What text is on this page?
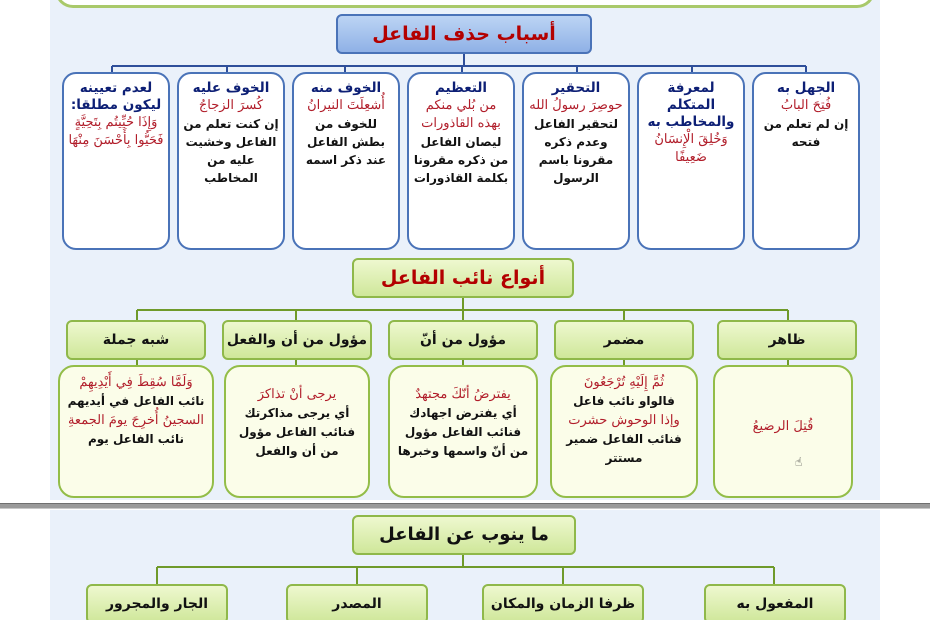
أسباب حذف الفاعل
الجهل به
فُتِحَ البابُ
إن لم تعلم من فتحه
لمعرفة المتكلم والمخاطب به
وَخُلِقَ الْإِنسَانُ ضَعِيفًا
التحقير
حوصِرَ رسولُ الله
لتحقير الفاعل وعدم ذكره مقرونا باسم الرسول
التعظيم
من بُلي منكم بهذه القاذورات
ليصان الفاعل من ذكره مقرونا بكلمة القاذورات
الخوف منه
أُشعِلَتَ النيرانُ
للخوف من بطش الفاعل عند ذكر اسمه
الخوف عليه
كُسرَ الزجاجُ
إن كنت تعلم من الفاعل وخشيت عليه من المخاطب
لعدم تعيينه ليكون مطلقا:
وَإِذَا حُيِّيتُم بِتَحِيَّةٍ فَحَيُّوا بِأَحْسَنَ مِنْهَا
أنواع نائب الفاعل
ظاهر
مضمر
مؤول من أنّ
مؤول من أن والفعل
شبه جملة
قُتِلَ الرضيعُ
☝
ثُمَّ إِلَيْهِ تُرْجَعُونَ
فالواو نائب فاعل
وإذا الوحوش حشرت
فنائب الفاعل ضمير مستتر
يفترضُ أنّكَ مجتهدٌ
أي يفترض اجهادك فنائب الفاعل مؤول من أنّ واسمها وخبرها
يرجى أنْ تذاكرَ
أي يرجى مذاكرتك فنائب الفاعل مؤول من أن والفعل
وَلَمَّا سُقِطَ فِي أَيْدِيهِمْ
نائب الفاعل في أيديهم
السجينُ أُخرِجَ يومَ الجمعةِ
نائب الفاعل يوم
ما ينوب عن الفاعل
المفعول به
ظرفا الزمان والمكان
المصدر
الجار والمجرور
